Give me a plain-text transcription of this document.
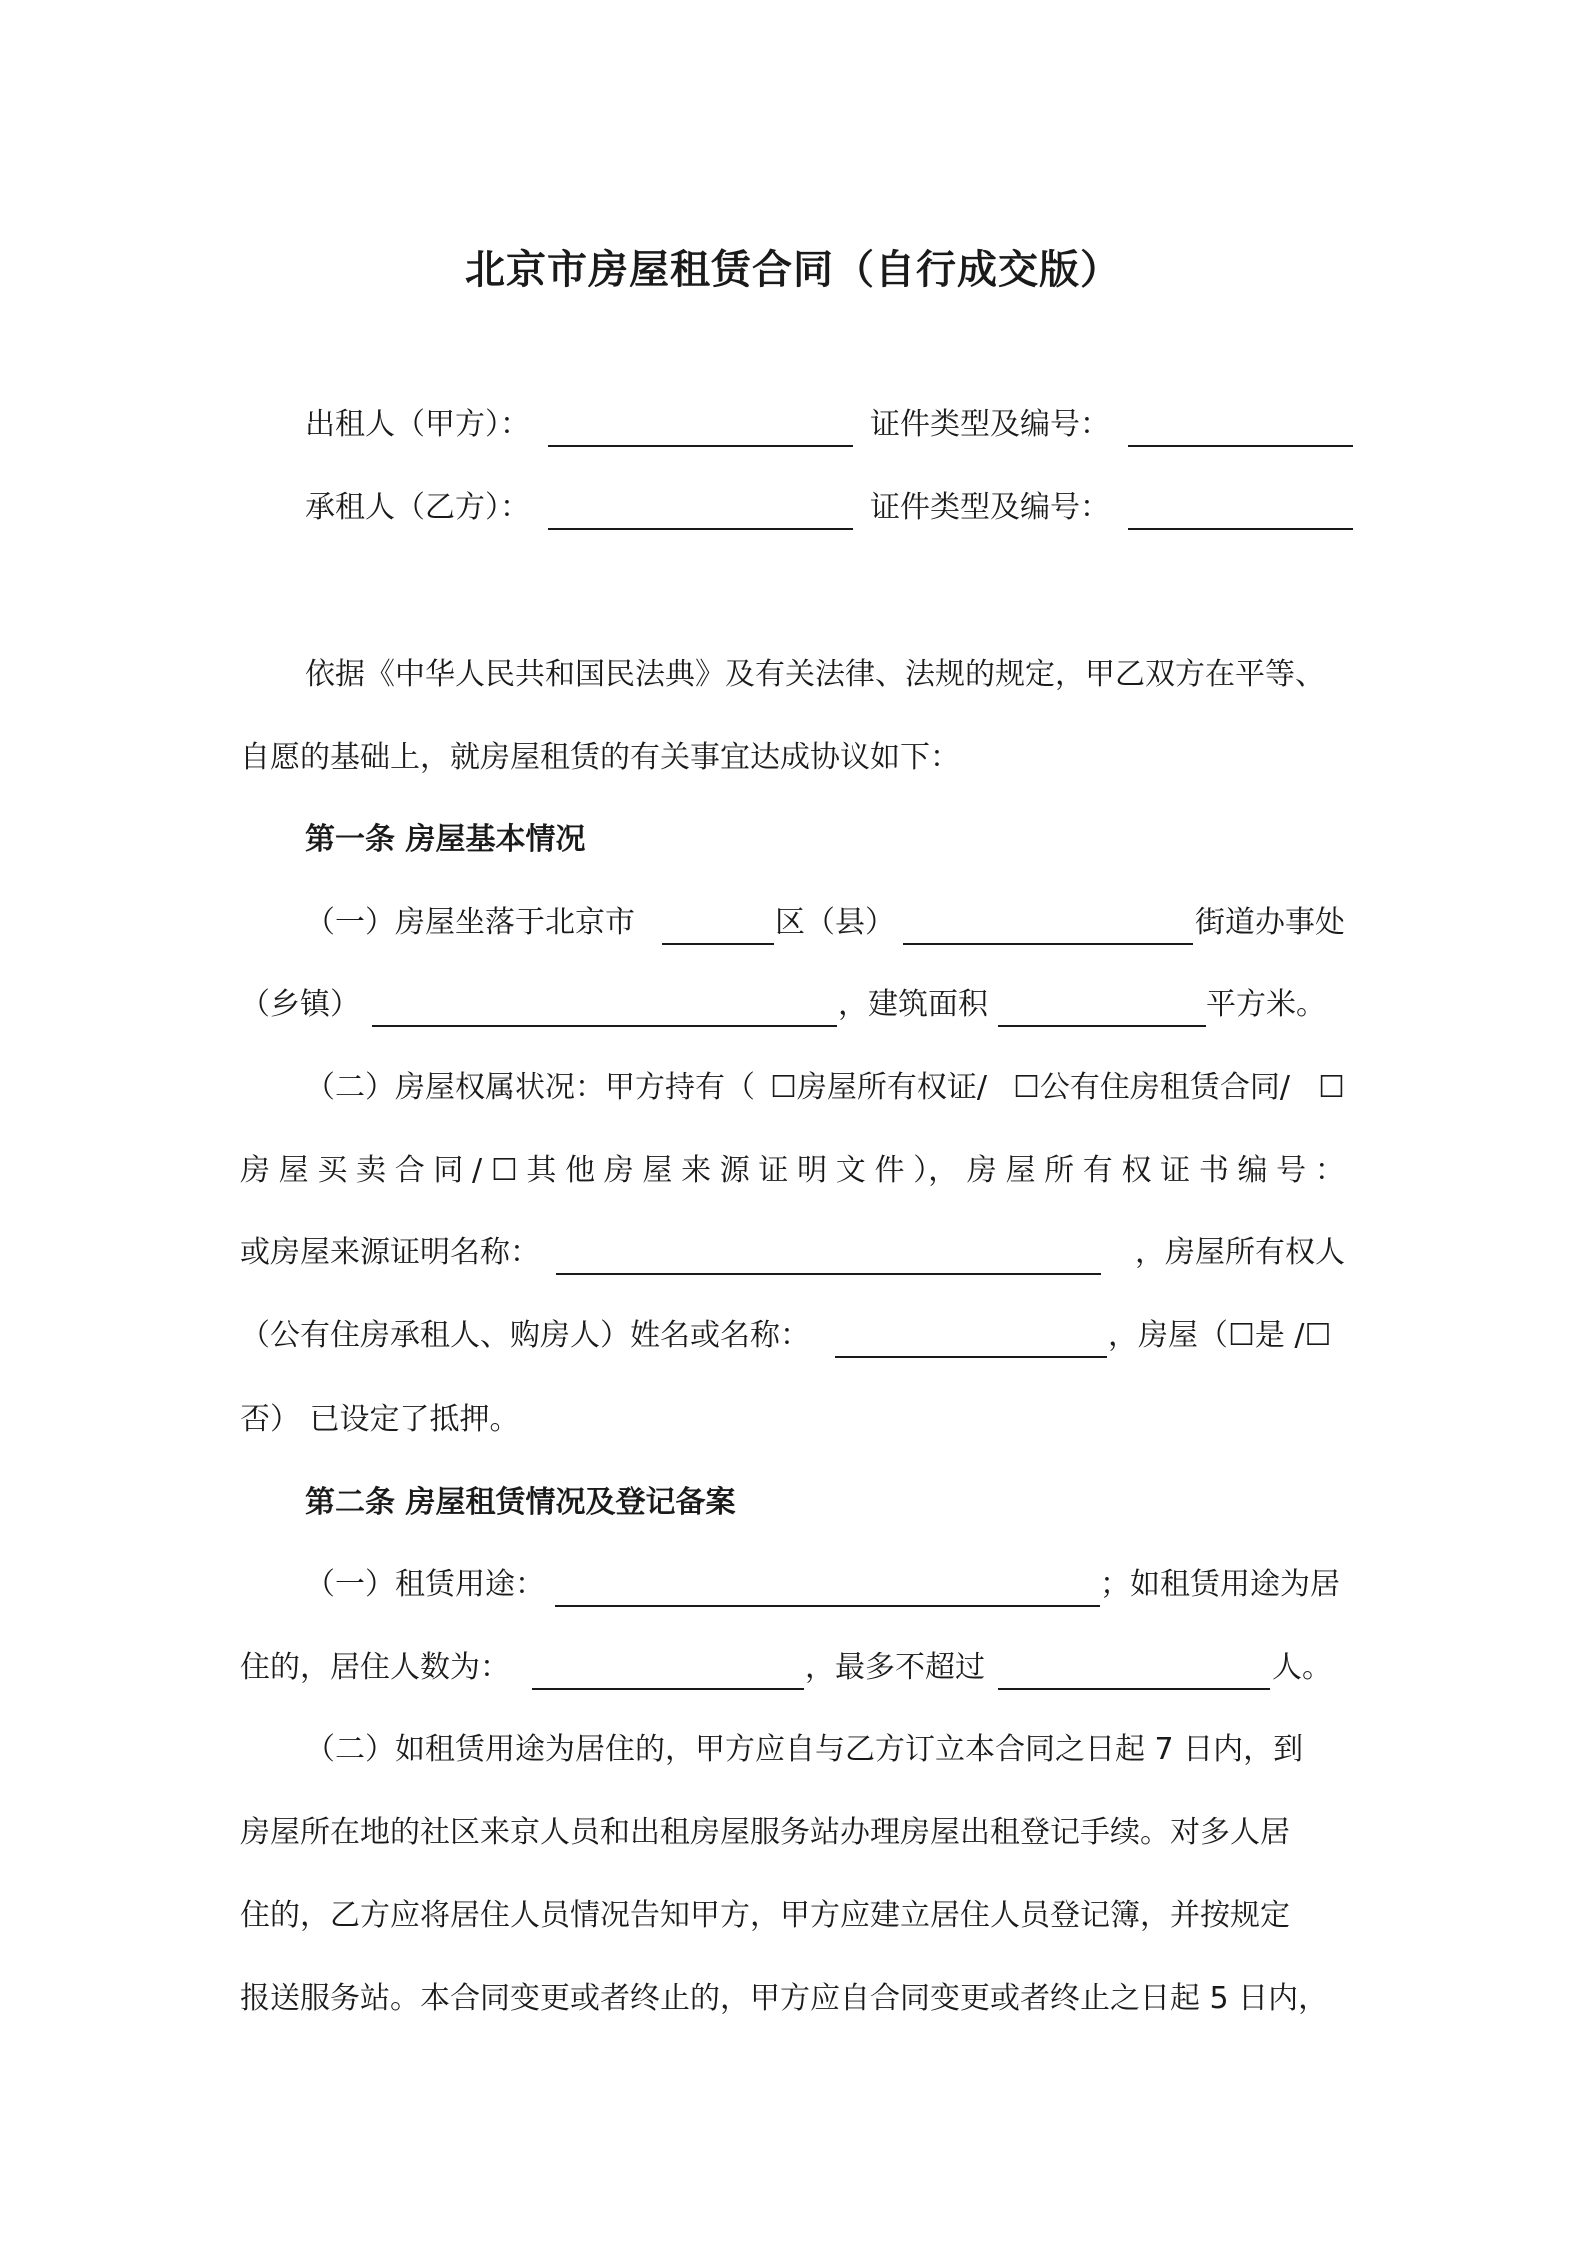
北京市房屋租赁合同（自行成交版）
出租人（甲方）：	证件类型及编号：
承租人（乙方）：	证件类型及编号：
依据《中华人民共和国民法典》及有关法律、法规的规定，甲乙双方在平等、
自愿的基础上，就房屋租赁的有关事宜达成协议如下：
第一条 房屋基本情况
（一）房屋坐落于北京市	区（县）	街道办事处
（乡镇）	，建筑面积	平方米。
（二）房屋权属状况：甲方持有（ ☐房屋所有权证/ ☐公有住房租赁合同/ ☐
房 屋 买 卖 合 同 / ☐ 其 他 房 屋 来 源 证 明 文 件 ）， 房 屋 所 有 权 证 书 编 号 ：
或房屋来源证明名称：	，房屋所有权人
（公有住房承租人、购房人）姓名或名称：	，房屋（☐是 /☐
否） 已设定了抵押。
第二条 房屋租赁情况及登记备案
（一）租赁用途：	；如租赁用途为居
住的，居住人数为：	，最多不超过	人。
（二）如租赁用途为居住的，甲方应自与乙方订立本合同之日起 7 日内，到
房屋所在地的社区来京人员和出租房屋服务站办理房屋出租登记手续。对多人居
住的，乙方应将居住人员情况告知甲方，甲方应建立居住人员登记簿，并按规定
报送服务站。本合同变更或者终止的，甲方应自合同变更或者终止之日起 5 日内，
